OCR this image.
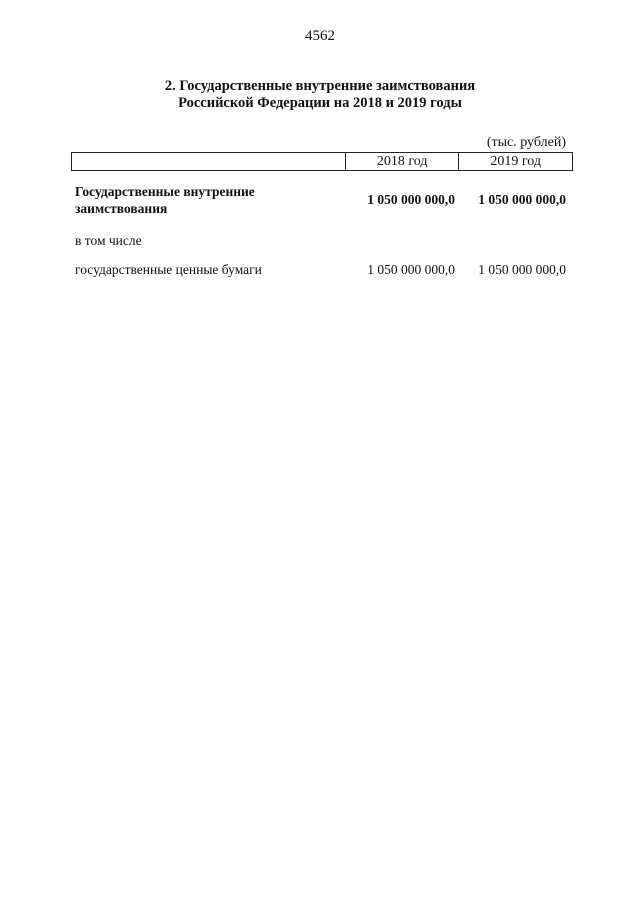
4562
2. Государственные внутренние заимствования
Российской Федерации на 2018 и 2019 годы
(тыс. рублей)
2018 год	2019 год
Государственные внутренние заимствования
1 050 000 000,0 1 050 000 000,0
в том числе
государственные ценные бумаги	1 050 000 000,0 1 050 000 000,0
